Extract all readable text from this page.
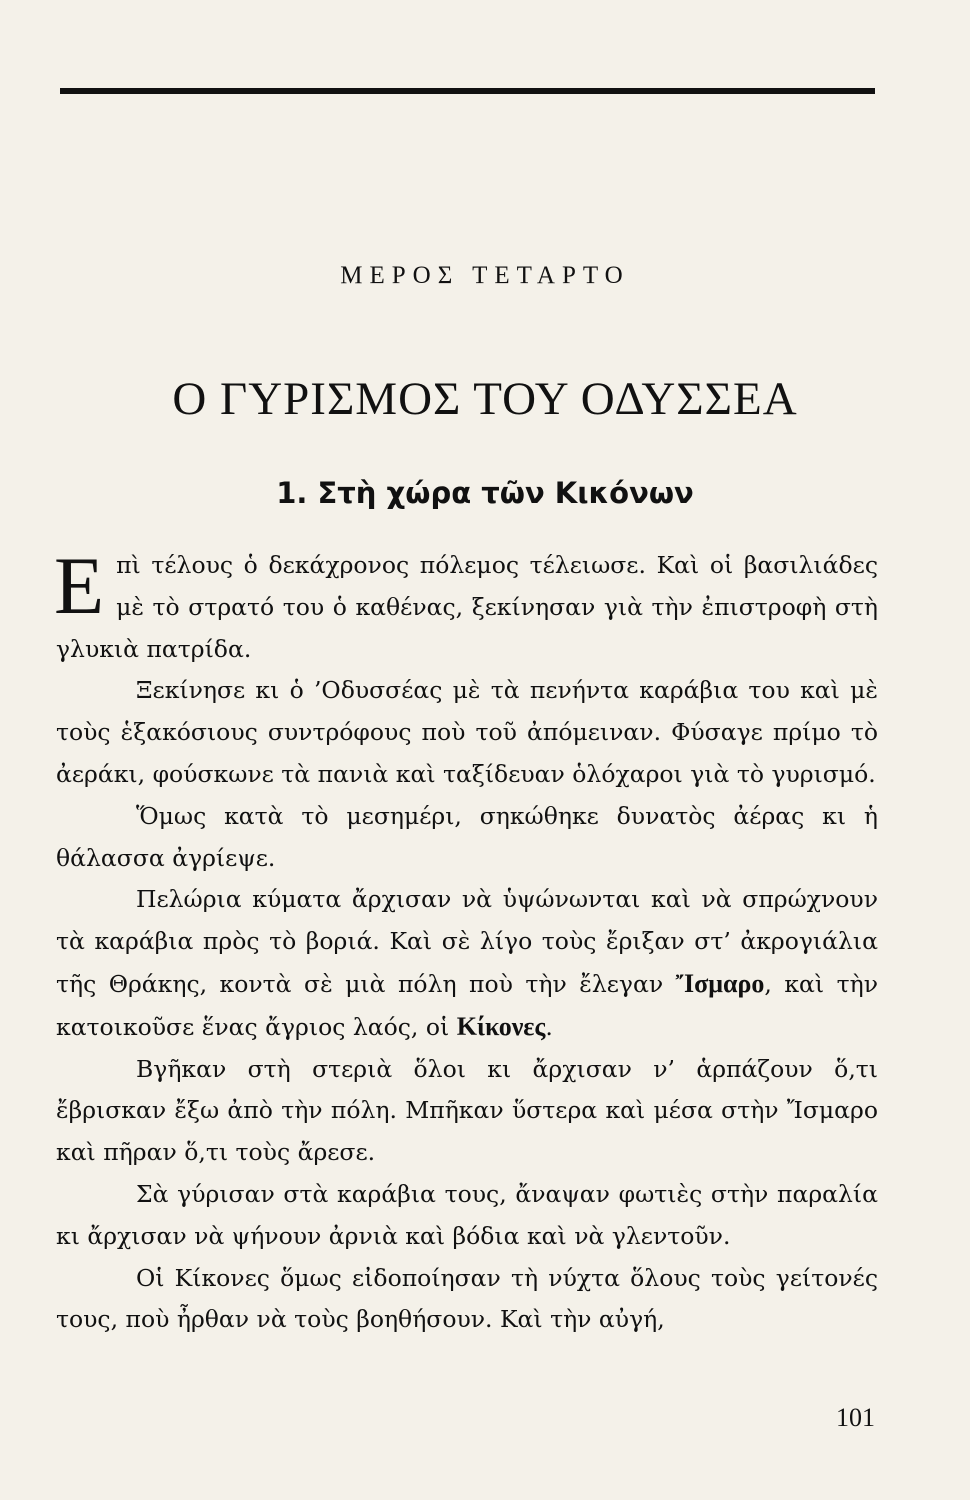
ΜΕΡΟΣ ΤΕΤΑΡΤΟ
Ο ΓΥΡΙΣΜΟΣ ΤΟΥ ΟΔΥΣΣΕΑ
1. Στὴ χώρα τῶν Κικόνων

Επὶ τέλους ὁ δεκάχρονος πόλεμος τέλειωσε. Καὶ οἱ βασιλιάδες μὲ τὸ στρατό του ὁ καθένας, ξεκίνησαν γιὰ τὴν ἐπιστροφὴ στὴ γλυκιὰ πατρίδα.

Ξεκίνησε κι ὁ ’Οδυσσέας μὲ τὰ πενήντα καράβια του καὶ μὲ τοὺς ἑξακόσιους συντρόφους ποὺ τοῦ ἀπόμειναν. Φύσαγε πρίμο τὸ ἀεράκι, φούσκωνε τὰ πανιὰ καὶ ταξίδευαν ὁλόχαροι γιὰ τὸ γυρισμό.

Ὅμως κατὰ τὸ μεσημέρι, σηκώθηκε δυνατὸς ἀέρας κι ἡ θάλασσα ἀγρίεψε.

Πελώρια κύματα ἄρχισαν νὰ ὑψώνωνται καὶ νὰ σπρώχνουν τὰ καράβια πρὸς τὸ βοριά. Καὶ σὲ λίγο τοὺς ἔριξαν στ’ ἀκρογιάλια τῆς Θράκης, κοντὰ σὲ μιὰ πόλη ποὺ τὴν ἔλεγαν Ἴσμαρο, καὶ τὴν κατοικοῦσε ἕνας ἄγριος λαός, οἱ Κίκονες.

Βγῆκαν στὴ στεριὰ ὅλοι κι ἄρχισαν ν’ ἁρπάζουν ὅ,τι ἔβρισκαν ἔξω ἀπὸ τὴν πόλη. Μπῆκαν ὕστερα καὶ μέσα στὴν Ἴσμαρο καὶ πῆραν ὅ,τι τοὺς ἄρεσε.

Σὰ γύρισαν στὰ καράβια τους, ἄναψαν φωτιὲς στὴν παραλία κι ἄρχισαν νὰ ψήνουν ἀρνιὰ καὶ βόδια καὶ νὰ γλεντοῦν.

Οἱ Κίκονες ὅμως εἰδοποίησαν τὴ νύχτα ὅλους τοὺς γείτονές τους, ποὺ ἦρθαν νὰ τοὺς βοηθήσουν. Καὶ τὴν αὐγή,

101
